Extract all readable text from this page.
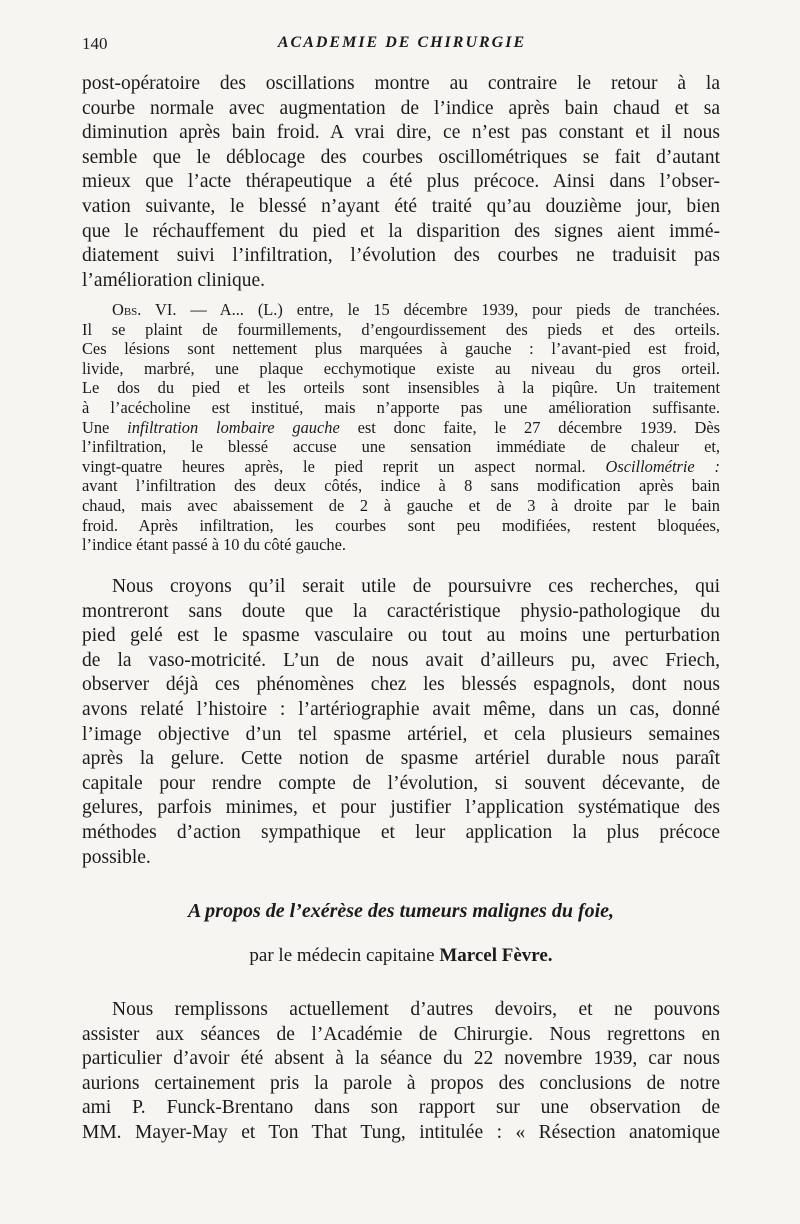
140	ACADEMIE DE CHIRURGIE
post-opératoire des oscillations montre au contraire le retour à la
courbe normale avec augmentation de l’indice après bain chaud et sa
diminution après bain froid. A vrai dire, ce n’est pas constant et il nous
semble que le déblocage des courbes oscillométriques se fait d’autant
mieux que l’acte thérapeutique a été plus précoce. Ainsi dans l’obser-
vation suivante, le blessé n’ayant été traité qu’au douzième jour, bien
que le réchauffement du pied et la disparition des signes aient immé-
diatement suivi l’infiltration, l’évolution des courbes ne traduisit pas
l’amélioration clinique.
Obs. VI. — A... (L.) entre, le 15 décembre 1939, pour pieds de tranchées.
Il se plaint de fourmillements, d’engourdissement des pieds et des orteils.
Ces lésions sont nettement plus marquées à gauche : l’avant-pied est froid,
livide, marbré, une plaque ecchymotique existe au niveau du gros orteil.
Le dos du pied et les orteils sont insensibles à la piqûre. Un traitement
à l’acécholine est institué, mais n’apporte pas une amélioration suffisante.
Une infiltration lombaire gauche est donc faite, le 27 décembre 1939. Dès
l’infiltration, le blessé accuse une sensation immédiate de chaleur et,
vingt-quatre heures après, le pied reprit un aspect normal. Oscillométrie :
avant l’infiltration des deux côtés, indice à 8 sans modification après bain
chaud, mais avec abaissement de 2 à gauche et de 3 à droite par le bain
froid. Après infiltration, les courbes sont peu modifiées, restent bloquées,
l’indice étant passé à 10 du côté gauche.
Nous croyons qu’il serait utile de poursuivre ces recherches, qui
montreront sans doute que la caractéristique physio-pathologique du
pied gelé est le spasme vasculaire ou tout au moins une perturbation
de la vaso-motricité. L’un de nous avait d’ailleurs pu, avec Friech,
observer déjà ces phénomènes chez les blessés espagnols, dont nous
avons relaté l’histoire : l’artériographie avait même, dans un cas, donné
l’image objective d’un tel spasme artériel, et cela plusieurs semaines
après la gelure. Cette notion de spasme artériel durable nous paraît
capitale pour rendre compte de l’évolution, si souvent décevante, de
gelures, parfois minimes, et pour justifier l’application systématique des
méthodes d’action sympathique et leur application la plus précoce
possible.
A propos de l’exérèse des tumeurs malignes du foie,
par le médecin capitaine Marcel Fèvre.
Nous remplissons actuellement d’autres devoirs, et ne pouvons
assister aux séances de l’Académie de Chirurgie. Nous regrettons en
particulier d’avoir été absent à la séance du 22 novembre 1939, car nous
aurions certainement pris la parole à propos des conclusions de notre
ami P. Funck-Brentano dans son rapport sur une observation de
MM. Mayer-May et Ton That Tung, intitulée : « Résection anatomique
